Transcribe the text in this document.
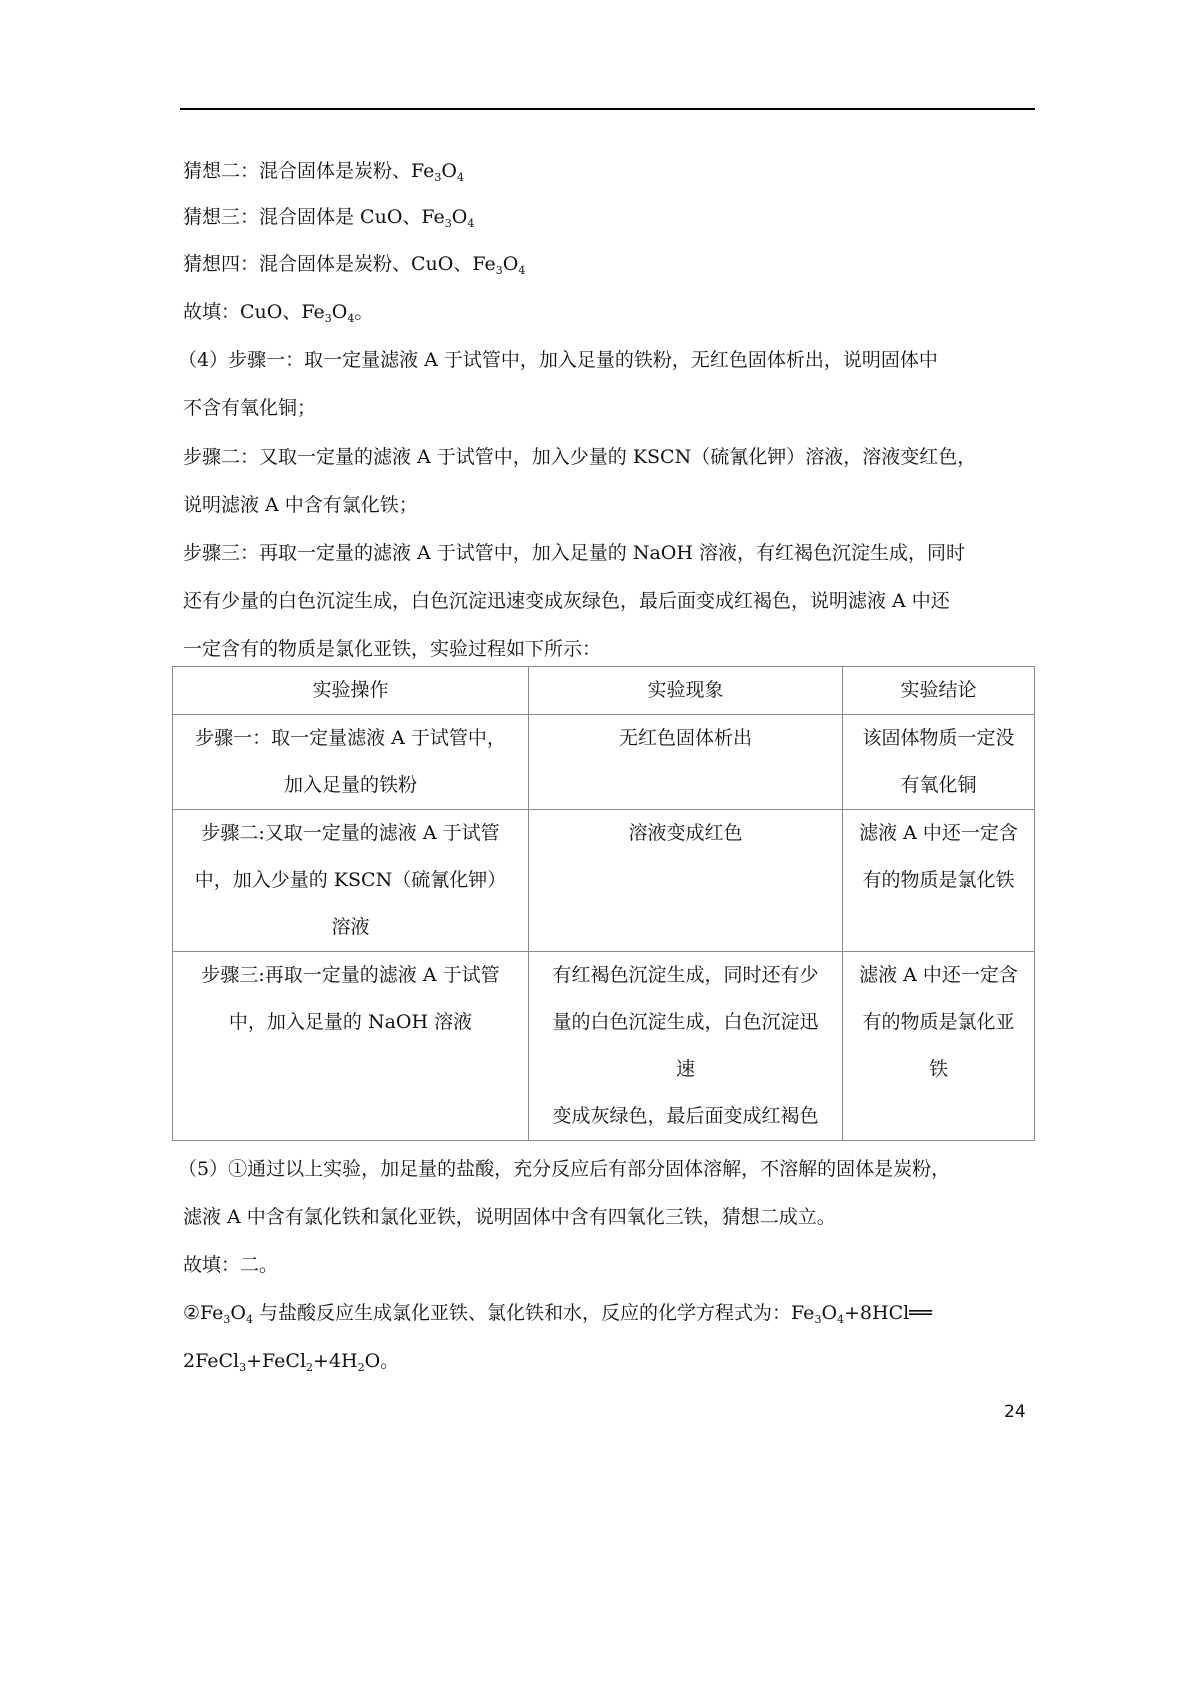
猜想二：混合固体是炭粉、$Fe_3O_4$
猜想三：混合固体是 CuO、$Fe_3O_4$
猜想四：混合固体是炭粉、CuO、$Fe_3O_4$
故填：CuO、$Fe_3O_4$。
（4）步骤一：取一定量滤液 A 于试管中，加入足量的铁粉，无红色固体析出，说明固体中
不含有氧化铜；
步骤二：又取一定量的滤液 A 于试管中，加入少量的 KSCN（硫氰化钾）溶液，溶液变红色，
说明滤液 A 中含有氯化铁；
步骤三：再取一定量的滤液 A 于试管中，加入足量的 NaOH 溶液，有红褐色沉淀生成，同时
还有少量的白色沉淀生成，白色沉淀迅速变成灰绿色，最后面变成红褐色，说明滤液 A 中还
一定含有的物质是氯化亚铁，实验过程如下所示：
实验操作	实验现象	实验结论

步骤一：取一定量滤液 A 于试管中，
加入足量的铁粉	无红色固体析出	该固体物质一定没
有氧化铜

步骤二:又取一定量的滤液 A 于试管
中，加入少量的 KSCN（硫氰化钾）
溶液	溶液变成红色	滤液 A 中还一定含
有的物质是氯化铁

步骤三:再取一定量的滤液 A 于试管
中，加入足量的 NaOH 溶液	有红褐色沉淀生成，同时还有少
量的白色沉淀生成，白色沉淀迅
速
变成灰绿色，最后面变成红褐色	滤液 A 中还一定含
有的物质是氯化亚
铁
（5）①通过以上实验，加足量的盐酸，充分反应后有部分固体溶解，不溶解的固体是炭粉，
滤液 A 中含有氯化铁和氯化亚铁，说明固体中含有四氧化三铁，猜想二成立。
故填：二。
$②Fe_3O_4$ 与盐酸反应生成氯化亚铁、氯化铁和水，反应的化学方程式为：$Fe_3O_4+8HCl══$
$2FeCl_3+FeCl_2+4H_2O$。
24
